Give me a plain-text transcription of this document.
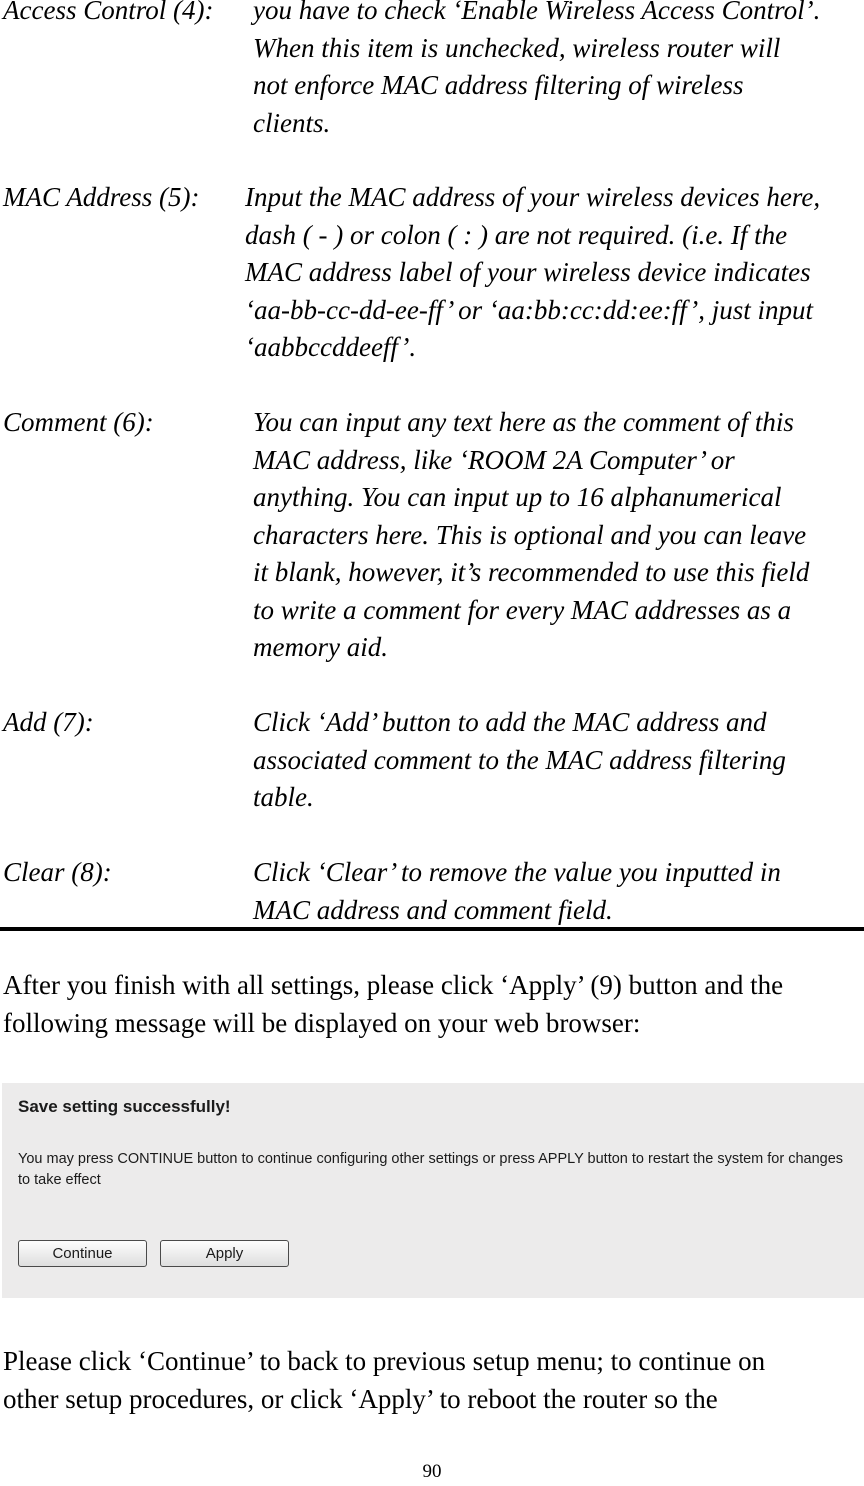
Access Control (4): you have to check ‘Enable Wireless Access Control’.

When this item is unchecked, wireless router will

not enforce MAC address filtering of wireless

clients.

MAC Address (5): Input the MAC address of your wireless devices here,

dash ( - ) or colon ( : ) are not required. (i.e. If the

MAC address label of your wireless device indicates

‘aa-bb-cc-dd-ee-ff’ or ‘aa:bb:cc:dd:ee:ff’, just input

‘aabbccddeeff’.

Comment (6):	You can input any text here as the comment of this

MAC address, like ‘ROOM 2A Computer’ or

anything. You can input up to 16 alphanumerical

characters here. This is optional and you can leave

it blank, however, it’s recommended to use this field

to write a comment for every MAC addresses as a

memory aid.

Add (7):	Click ‘Add’ button to add the MAC address and

associated comment to the MAC address filtering

table.

Clear (8):	Click ‘Clear’ to remove the value you inputted in

MAC address and comment field.

After you finish with all settings, please click ‘Apply’ (9) button and the

following message will be displayed on your web browser:

Save setting successfully!

You may press CONTINUE button to continue configuring other settings or press APPLY button to restart the system for changes to take effect

Continue	Apply

Please click ‘Continue’ to back to previous setup menu; to continue on

other setup procedures, or click ‘Apply’ to reboot the router so the

90
